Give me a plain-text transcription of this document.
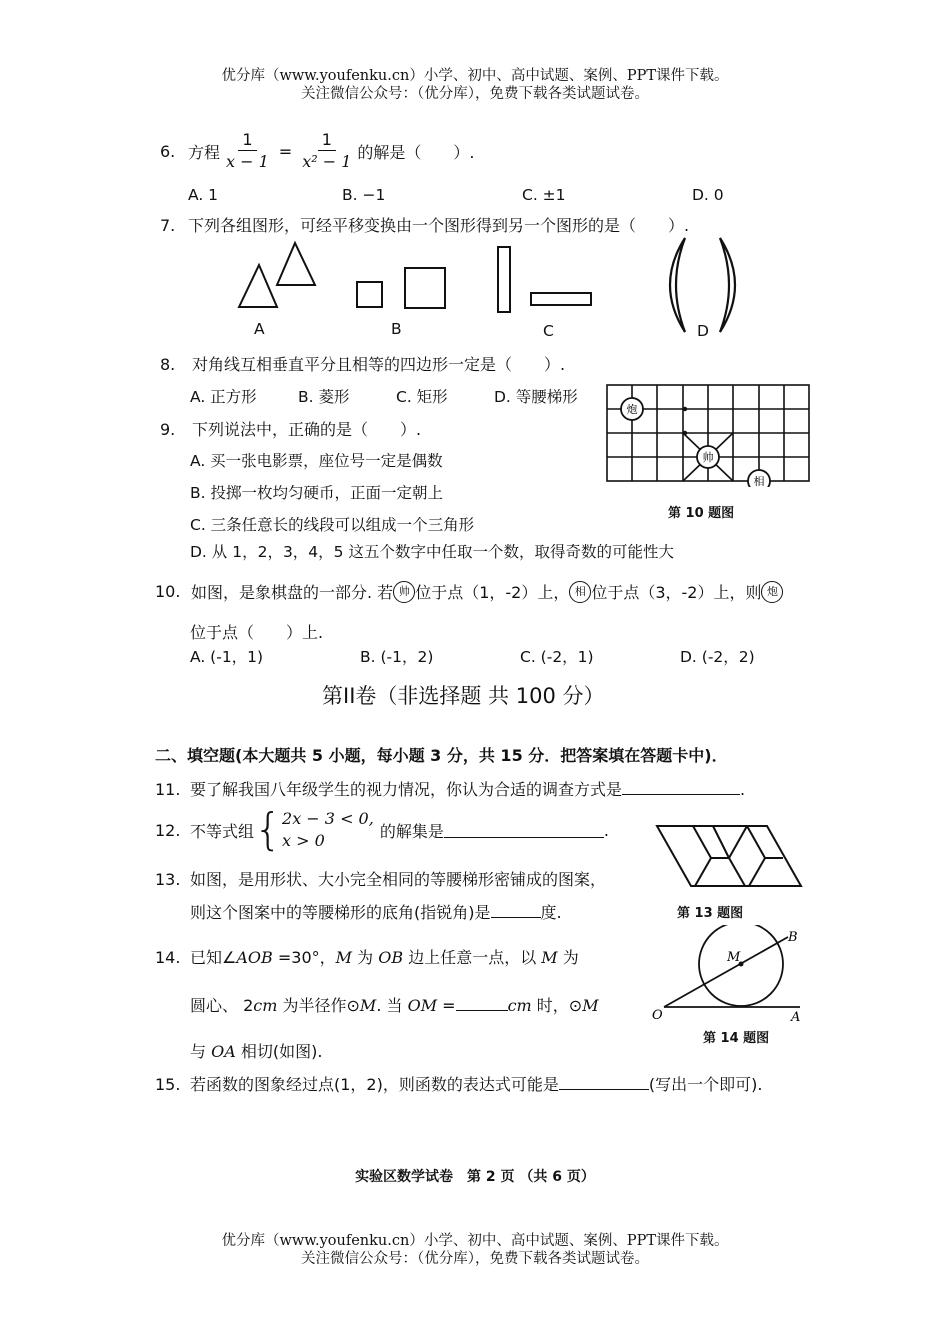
优分库（www.youfenku.cn）小学、初中、高中试题、案例、PPT课件下载。
关注微信公众号：（优分库），免费下载各类试题试卷。
6. 方程 $\frac{1}{x - 1} = \frac{1}{\text{x² − 1}}$ 的解是（　　）.
A. 1	B. −1	C. ±1	D. 0
7. 下列各组图形，可经平移变换由一个图形得到另一个图形的是（　　）.
A	B	C	D
8. 对角线互相垂直平分且相等的四边形一定是（　　）.
A. 正方形	B. 菱形	C. 矩形	D. 等腰梯形
炮
帅
相
第 10 题图
9. 下列说法中，正确的是（　　）.
A. 买一张电影票，座位号一定是偶数
B. 投掷一枚均匀硬币，正面一定朝上
C. 三条任意长的线段可以组成一个三角形
D. 从 1，2，3，4，5 这五个数字中任取一个数，取得奇数的可能性大
10. 如图，是象棋盘的一部分. 若 帅 位于点（1，-2）上， 相 位于点（3，-2）上，则 炮
位于点（　　）上.
A. (-1，1)	B. (-1，2)	C. (-2，1)	D. (-2，2)
第II卷（非选择题 共 100 分）
二、填空题(本大题共 5 小题，每小题 3 分，共 15 分．把答案填在答题卡中)．
11. 要了解我国八年级学生的视力情况，你认为合适的调查方式是	.
12. 不等式组 { 2x − 3 < 0,
x > 0	的解集是	.
第 13 题图
13. 如图，是用形状、大小完全相同的等腰梯形密铺成的图案，
则这个图案中的等腰梯形的底角(指锐角)是	度.
O	A
B
M
第 14 题图
14. 已知∠AOB =30°，M 为 OB 边上任意一点，以 M 为
圆心、 2cm 为半径作⊙M. 当 OM =	cm 时，⊙M
与 OA 相切(如图).
15. 若函数的图象经过点(1，2)，则函数的表达式可能是	(写出一个即可).
实验区数学试卷　第 2 页 （共 6 页）
优分库（www.youfenku.cn）小学、初中、高中试题、案例、PPT课件下载。
关注微信公众号：（优分库），免费下载各类试题试卷。
